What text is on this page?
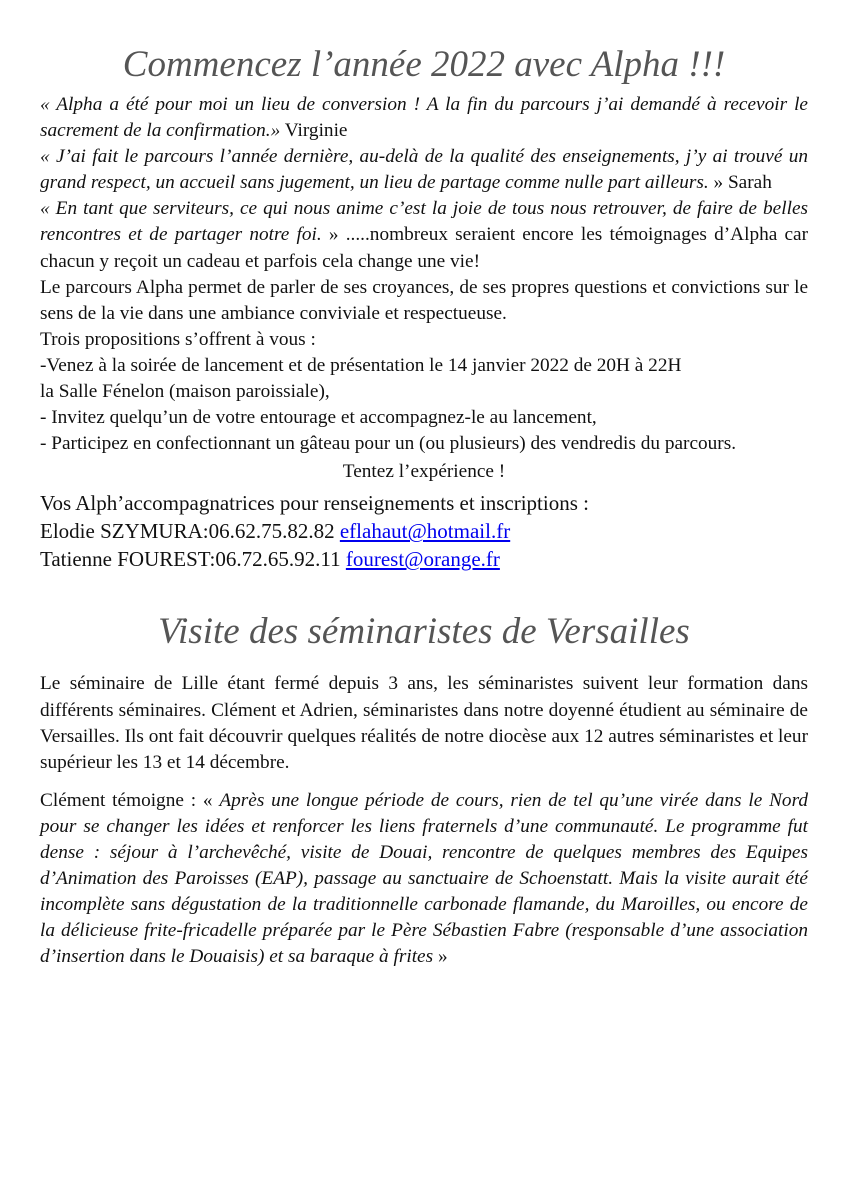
Commencez l’année 2022 avec Alpha !!!

« Alpha a été pour moi un lieu de conversion ! A la fin du parcours j’ai demandé à recevoir le sacrement de la confirmation.» Virginie

« J’ai fait le parcours l’année dernière, au-delà de la qualité des enseignements, j’y ai trouvé un grand respect, un accueil sans jugement, un lieu de partage comme nulle part ailleurs. » Sarah

« En tant que serviteurs, ce qui nous anime c’est la joie de tous nous retrouver, de faire de belles rencontres et de partager notre foi. » .....nombreux seraient encore les témoignages d’Alpha car chacun y reçoit un cadeau et parfois cela change une vie!

Le parcours Alpha permet de parler de ses croyances, de ses propres questions et convictions sur le sens de la vie dans une ambiance conviviale et respectueuse.

Trois propositions s’offrent à vous :

-Venez à la soirée de lancement et de présentation le 14 janvier 2022 de 20H à 22H
la Salle Fénelon (maison paroissiale),

- Invitez quelqu’un de votre entourage et accompagnez-le au lancement,

- Participez en confectionnant un gâteau pour un (ou plusieurs) des vendredis du parcours.

Tentez l’expérience !

Vos Alph’accompagnatrices pour renseignements et inscriptions :

Elodie SZYMURA:06.62.75.82.82 eflahaut@hotmail.fr

Tatienne FOUREST:06.72.65.92.11 fourest@orange.fr

Visite des séminaristes de Versailles

Le séminaire de Lille étant fermé depuis 3 ans, les séminaristes suivent leur formation dans différents séminaires. Clément et Adrien, séminaristes dans notre doyenné étudient au séminaire de Versailles. Ils ont fait découvrir quelques réalités de notre diocèse aux 12 autres séminaristes et leur supérieur les 13 et 14 décembre.

Clément témoigne : « Après une longue période de cours, rien de tel qu’une virée dans le Nord pour se changer les idées et renforcer les liens fraternels d’une communauté. Le programme fut dense : séjour à l’archevêché, visite de Douai, rencontre de quelques membres des Equipes d’Animation des Paroisses (EAP), passage au sanctuaire de Schoenstatt. Mais la visite aurait été incomplète sans dégustation de la traditionnelle carbonade flamande, du Maroilles, ou encore de la délicieuse frite-fricadelle préparée par le Père Sébastien Fabre (responsable d’une association d’insertion dans le Douaisis) et sa baraque à frites »
